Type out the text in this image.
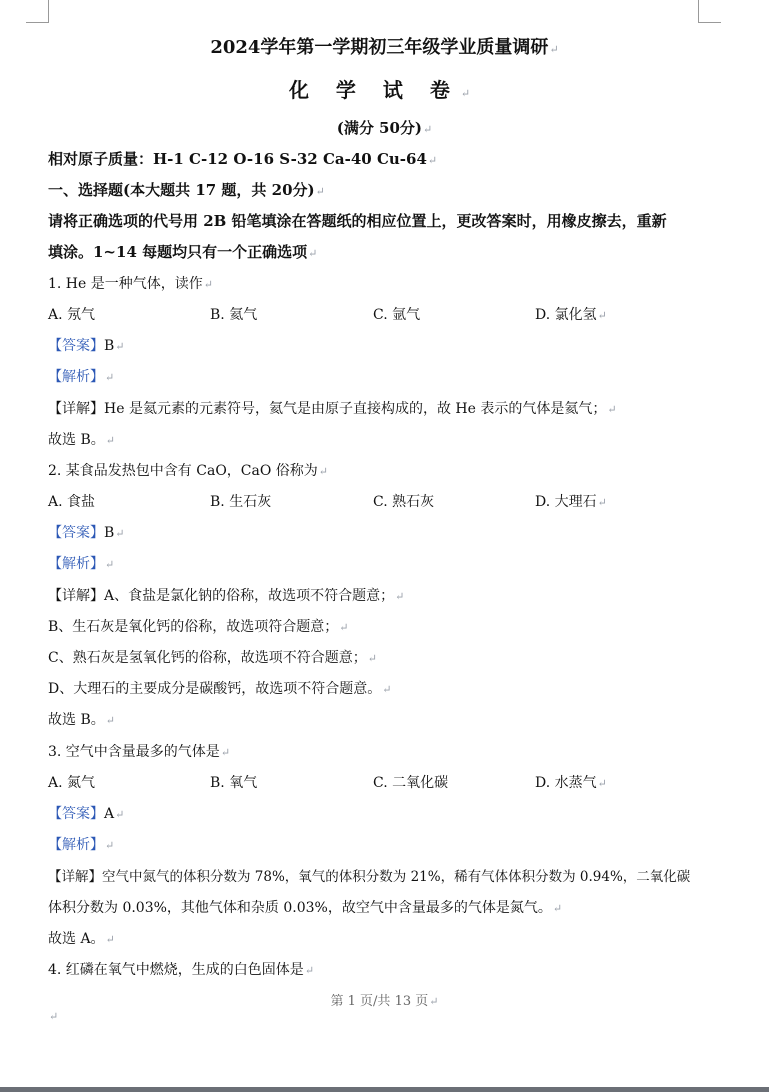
2024学年第一学期初三年级学业质量调研↵
化 学 试 卷↵
(满分 50分)↵
相对原子质量：H-1 C-12 O-16 S-32 Ca-40 Cu-64↵
一、选择题(本大题共 17 题，共 20分)↵
请将正确选项的代号用 2B 铅笔填涂在答题纸的相应位置上，更改答案时，用橡皮擦去，重新
填涂。1~14 每题均只有一个正确选项↵
1. He 是一种气体，读作↵
A. 氖气	B. 氦气	C. 氩气	D. 氯化氢↵
【答案】B↵
【解析】↵
【详解】He 是氦元素的元素符号，氦气是由原子直接构成的，故 He 表示的气体是氦气；↵
故选 B。↵
2. 某食品发热包中含有 CaO，CaO 俗称为↵
A. 食盐	B. 生石灰	C. 熟石灰	D. 大理石↵
【答案】B↵
【解析】↵
【详解】A、食盐是氯化钠的俗称，故选项不符合题意；↵
B、生石灰是氧化钙的俗称，故选项符合题意；↵
C、熟石灰是氢氧化钙的俗称，故选项不符合题意；↵
D、大理石的主要成分是碳酸钙，故选项不符合题意。↵
故选 B。↵
3. 空气中含量最多的气体是↵
A. 氮气	B. 氧气	C. 二氧化碳	D. 水蒸气↵
【答案】A↵
【解析】↵
【详解】空气中氮气的体积分数为 78%，氧气的体积分数为 21%，稀有气体体积分数为 0.94%，二氧化碳
体积分数为 0.03%，其他气体和杂质 0.03%，故空气中含量最多的气体是氮气。↵
故选 A。↵
4. 红磷在氧气中燃烧，生成的白色固体是↵
第 1 页/共 13 页↵
↵
